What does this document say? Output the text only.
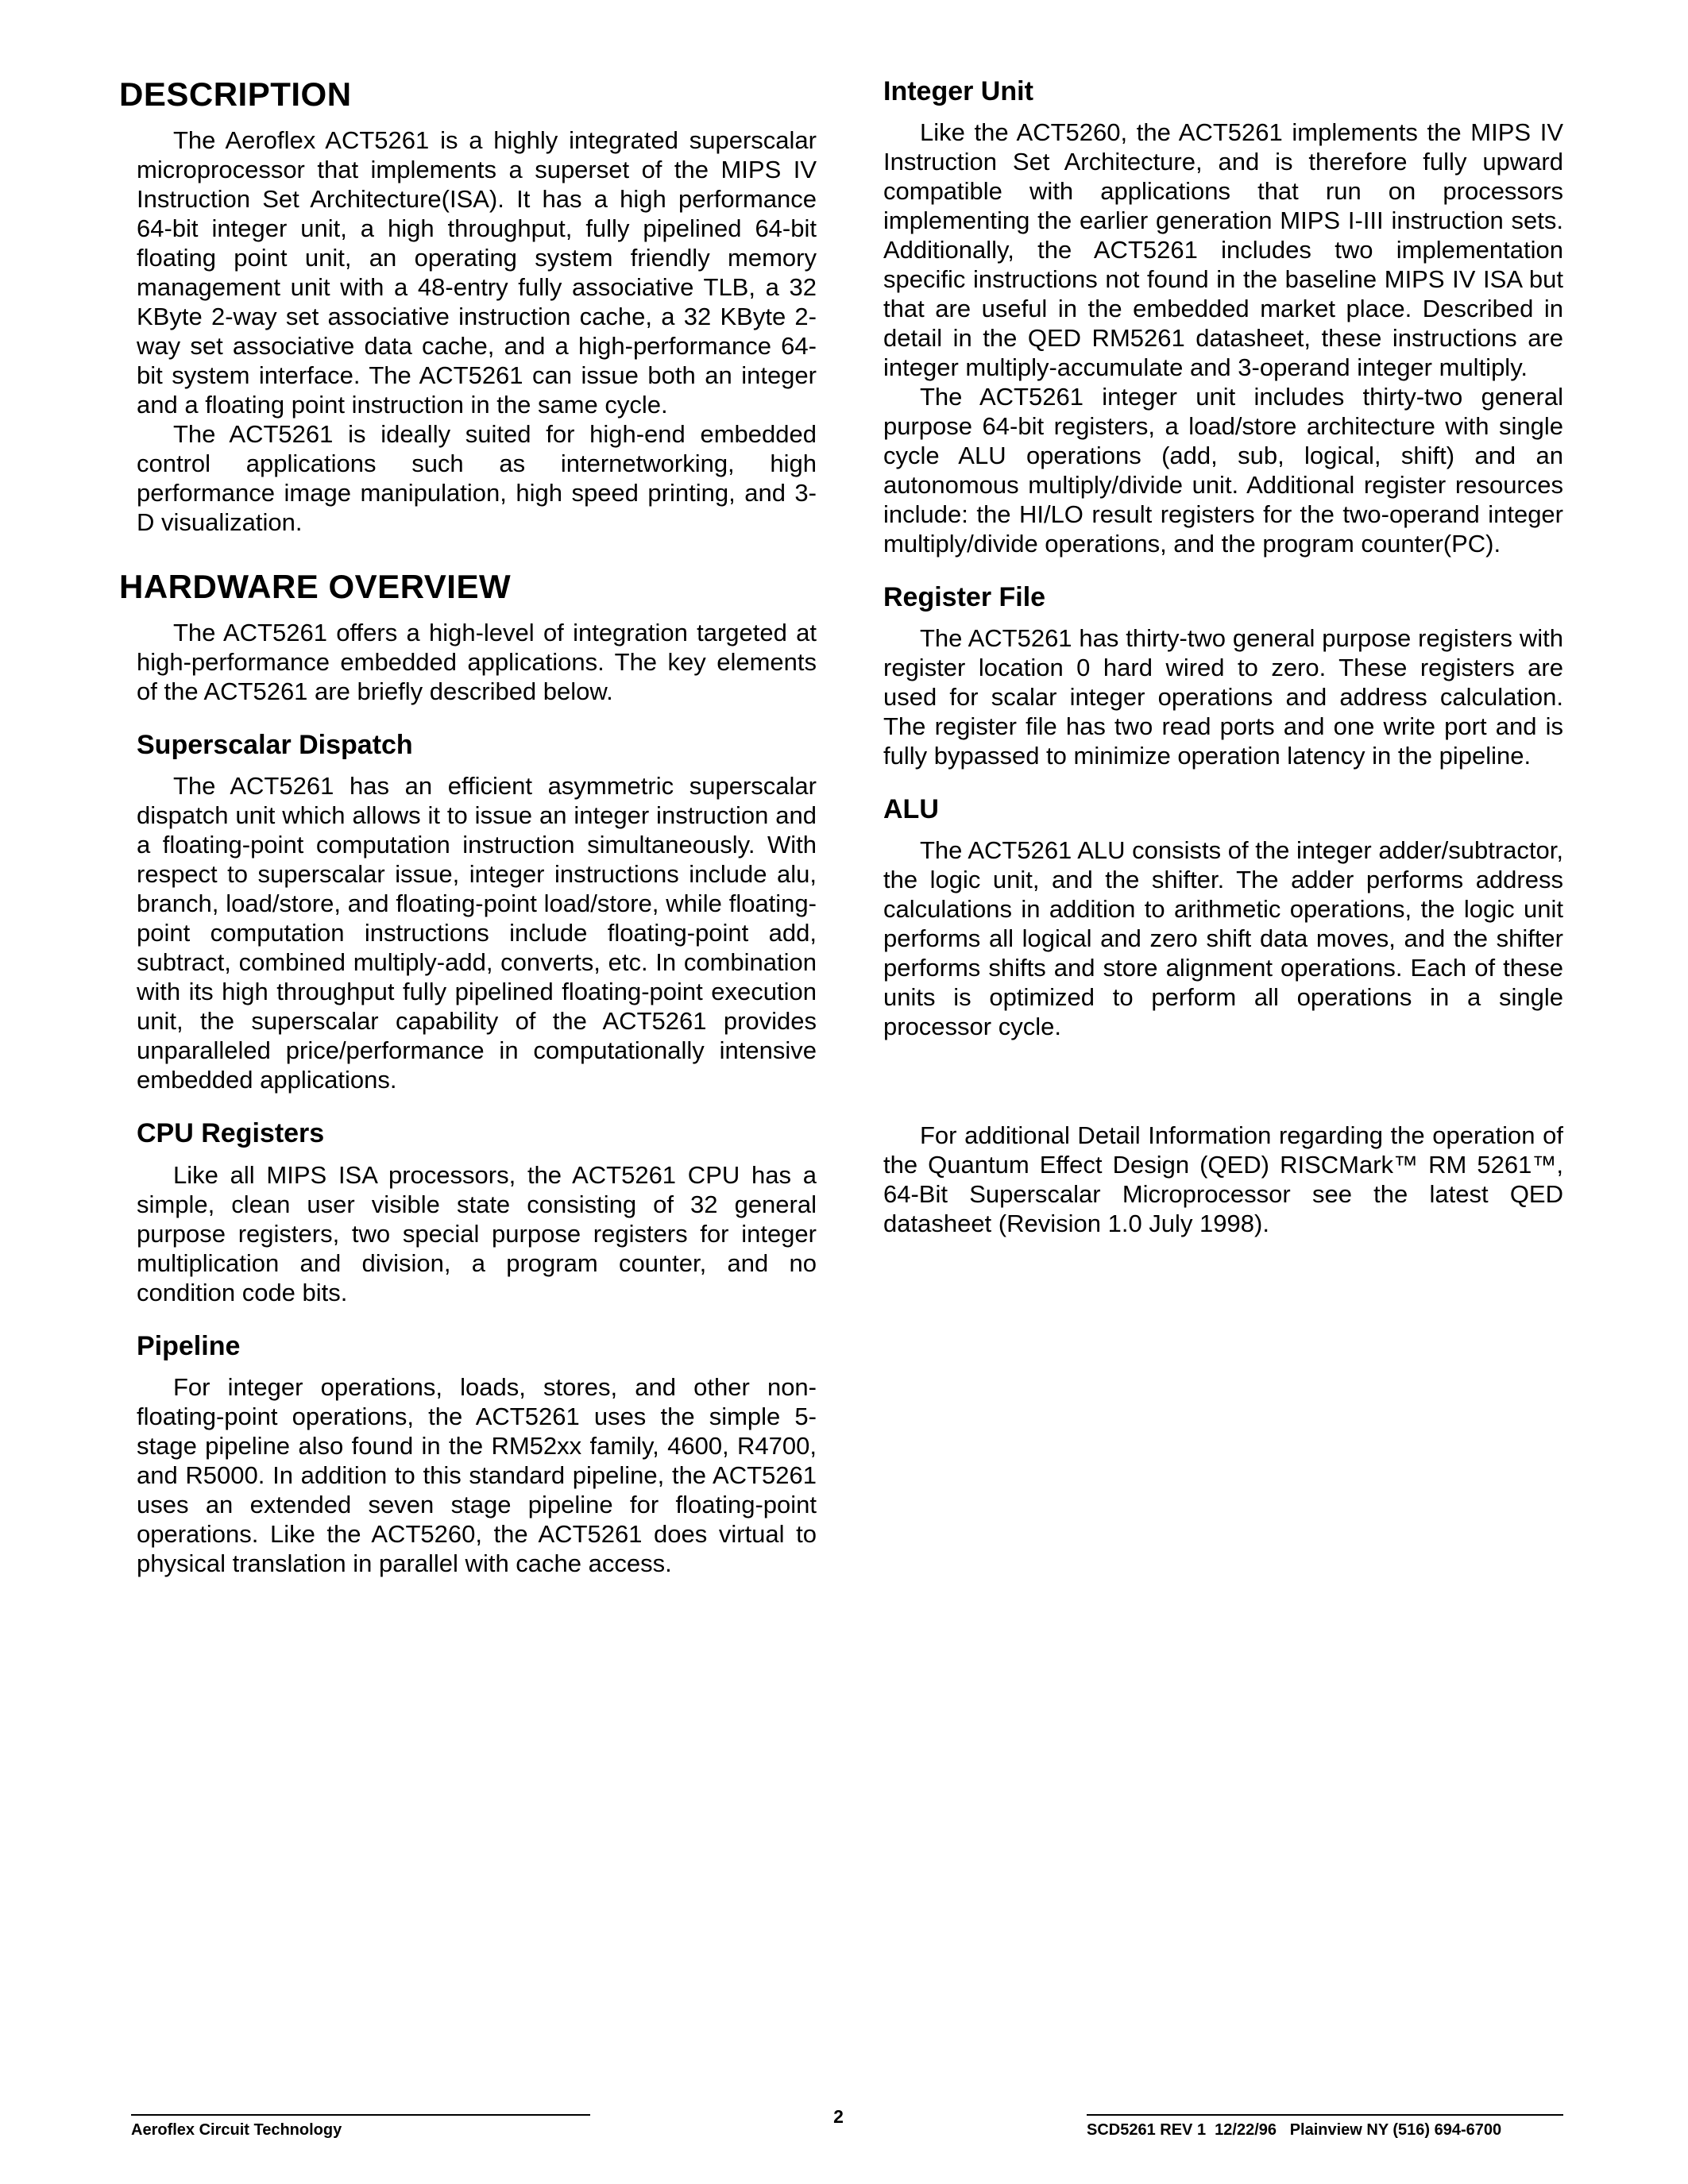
DESCRIPTION

The Aeroflex ACT5261 is a highly integrated superscalar microprocessor that implements a superset of the MIPS IV Instruction Set Architecture(ISA). It has a high performance 64-bit integer unit, a high throughput, fully pipelined 64-bit floating point unit, an operating system friendly memory management unit with a 48-entry fully associative TLB, a 32 KByte 2-way set associative instruction cache, a 32 KByte 2-way set associative data cache, and a high-performance 64-bit system interface. The ACT5261 can issue both an integer and a floating point instruction in the same cycle.

The ACT5261 is ideally suited for high-end embedded control applications such as internetworking, high performance image manipulation, high speed printing, and 3-D visualization.

HARDWARE OVERVIEW

The ACT5261 offers a high-level of integration targeted at high-performance embedded applications. The key elements of the ACT5261 are briefly described below.

Superscalar Dispatch

The ACT5261 has an efficient asymmetric superscalar dispatch unit which allows it to issue an integer instruction and a floating-point computation instruction simultaneously. With respect to superscalar issue, integer instructions include alu, branch, load/store, and floating-point load/store, while floating-point computation instructions include floating-point add, subtract, combined multiply-add, converts, etc. In combination with its high throughput fully pipelined floating-point execution unit, the superscalar capability of the ACT5261 provides unparalleled price/performance in computationally intensive embedded applications.

CPU Registers

Like all MIPS ISA processors, the ACT5261 CPU has a simple, clean user visible state consisting of 32 general purpose registers, two special purpose registers for integer multiplication and division, a program counter, and no condition code bits.

Pipeline

For integer operations, loads, stores, and other non-floating-point operations, the ACT5261 uses the simple 5-stage pipeline also found in the RM52xx family, 4600, R4700, and R5000. In addition to this standard pipeline, the ACT5261 uses an extended seven stage pipeline for floating-point operations. Like the ACT5260, the ACT5261 does virtual to physical translation in parallel with cache access.

Integer Unit

Like the ACT5260, the ACT5261 implements the MIPS IV Instruction Set Architecture, and is therefore fully upward compatible with applications that run on processors implementing the earlier generation MIPS I-III instruction sets. Additionally, the ACT5261 includes two implementation specific instructions not found in the baseline MIPS IV ISA but that are useful in the embedded market place. Described in detail in the QED RM5261 datasheet, these instructions are integer multiply-accumulate and 3-operand integer multiply.

The ACT5261 integer unit includes thirty-two general purpose 64-bit registers, a load/store architecture with single cycle ALU operations (add, sub, logical, shift) and an autonomous multiply/divide unit. Additional register resources include: the HI/LO result registers for the two-operand integer multiply/divide operations, and the program counter(PC).

Register File

The ACT5261 has thirty-two general purpose registers with register location 0 hard wired to zero. These registers are used for scalar integer operations and address calculation. The register file has two read ports and one write port and is fully bypassed to minimize operation latency in the pipeline.

ALU

The ACT5261 ALU consists of the integer adder/subtractor, the logic unit, and the shifter. The adder performs address calculations in addition to arithmetic operations, the logic unit performs all logical and zero shift data moves, and the shifter performs shifts and store alignment operations. Each of these units is optimized to perform all operations in a single processor cycle.

For additional Detail Information regarding the operation of the Quantum Effect Design (QED) RISCMark™ RM 5261™, 64-Bit Superscalar Microprocessor see the latest QED datasheet (Revision 1.0 July 1998).

Aeroflex Circuit Technology
2
SCD5261 REV 1  12/22/96   Plainview NY (516) 694-6700
